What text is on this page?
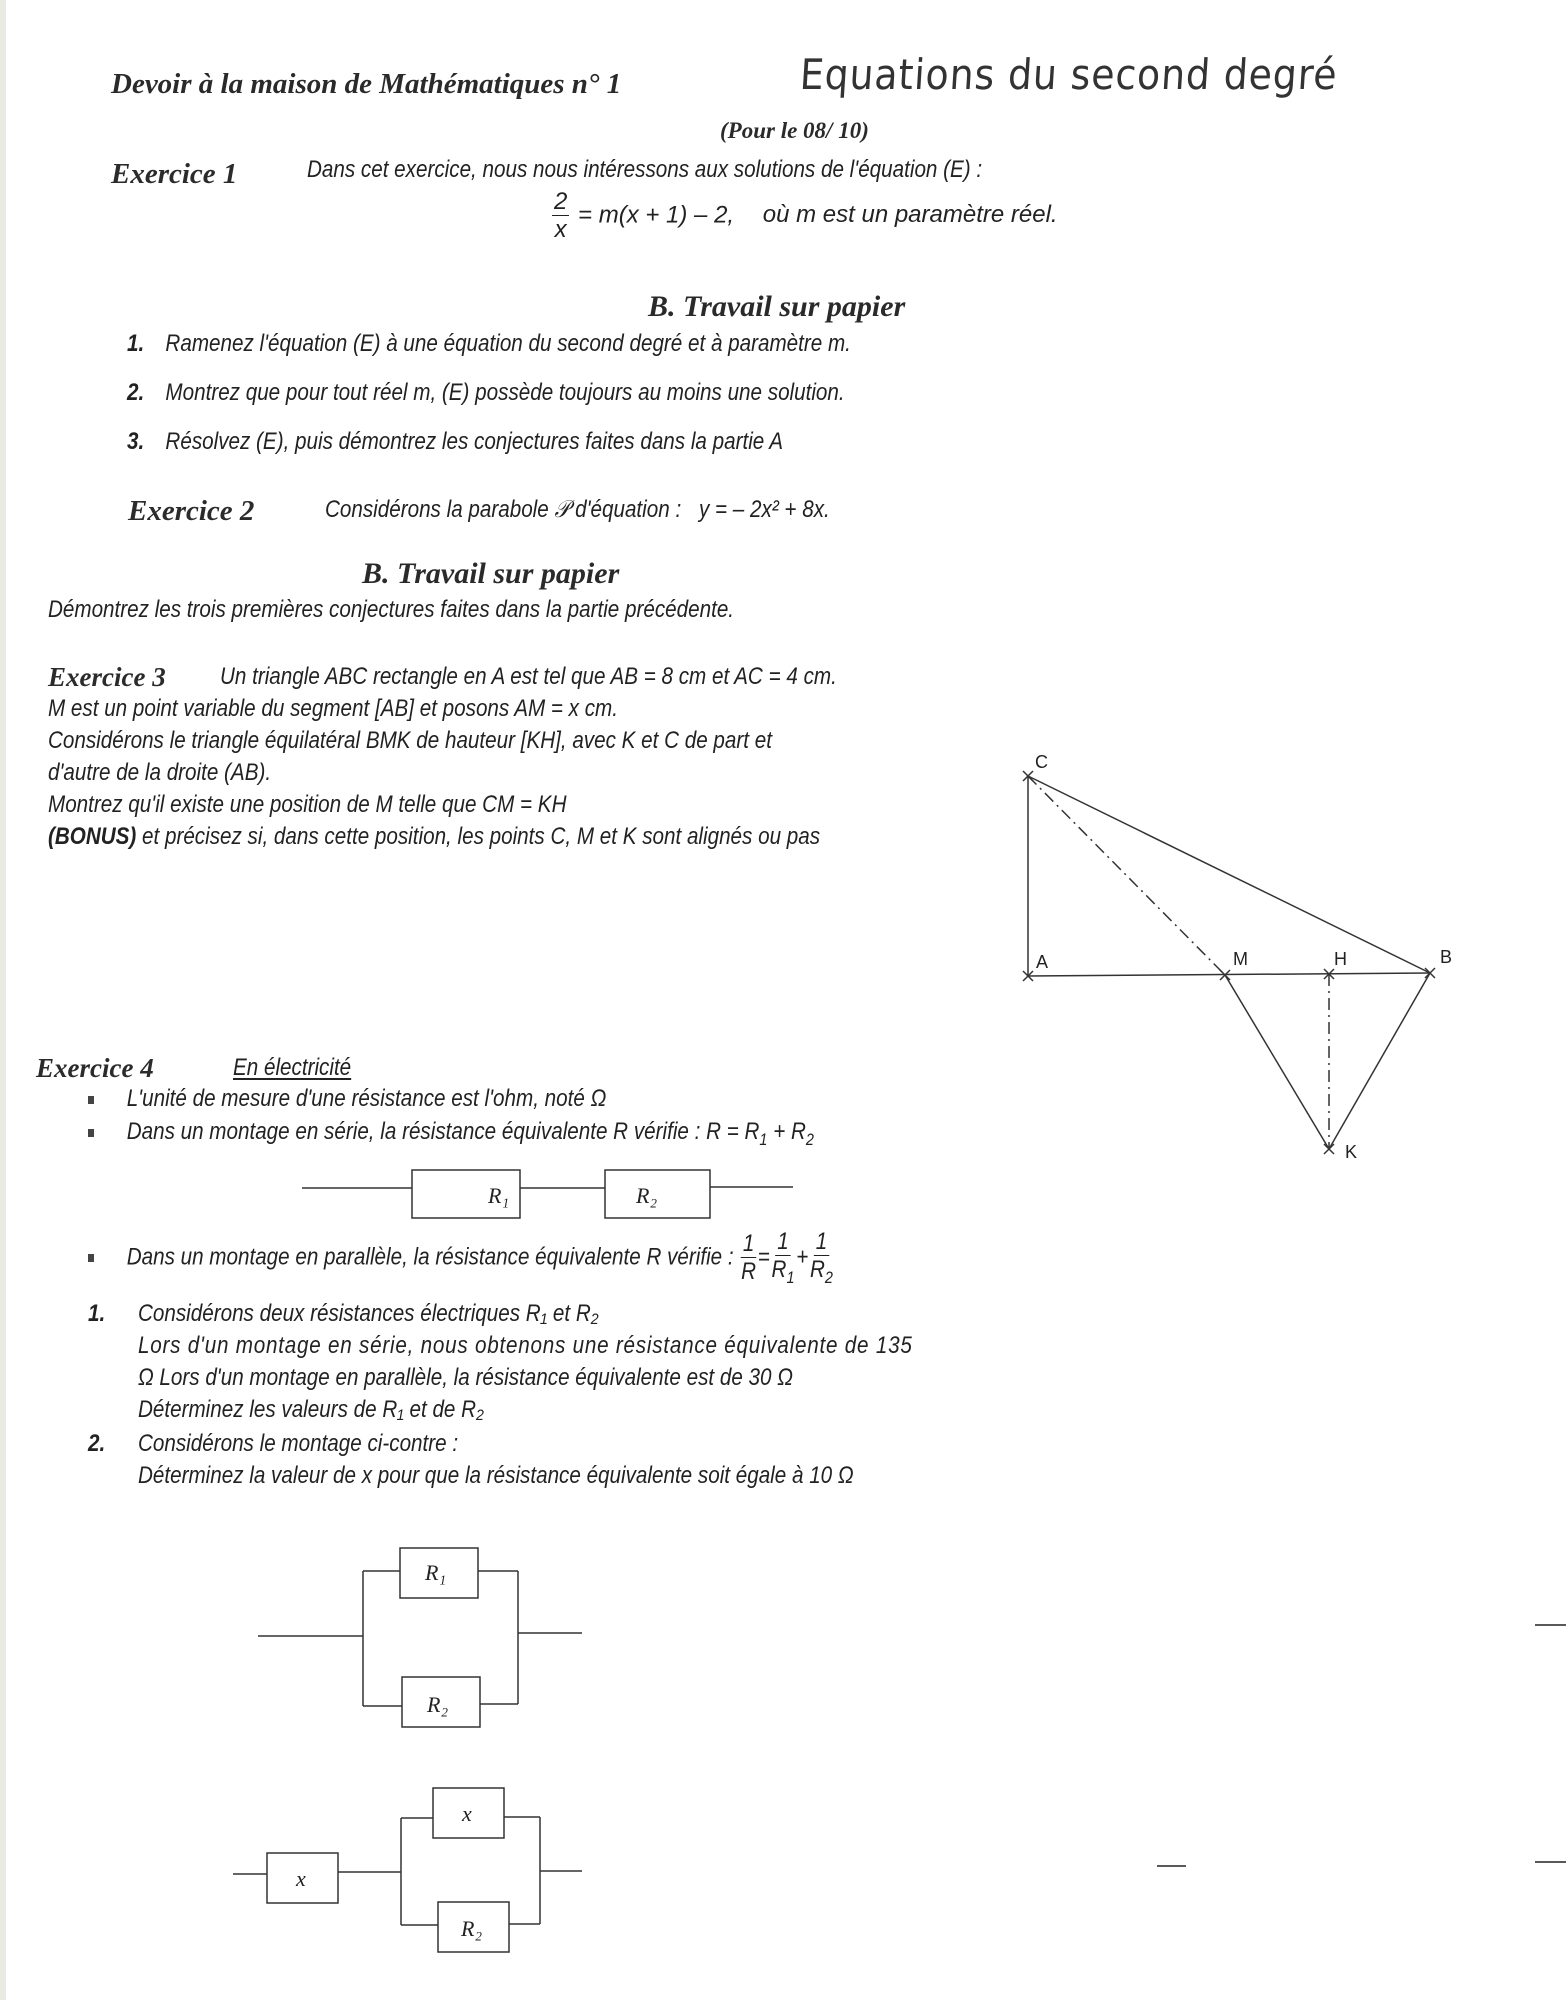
Devoir à la maison de Mathématiques n° 1	Equations du second degré
(Pour le 08/ 10)
Exercice 1	Dans cet exercice, nous nous intéressons aux solutions de l'équation (E) :
$\frac{2}{x} = m(x + 1) - 2$, où m est un paramètre réel.
B. Travail sur papier
1. Ramenez l'équation (E) à une équation du second degré et à paramètre m.
2. Montrez que pour tout réel m, (E) possède toujours au moins une solution.
3. Résolvez (E), puis démontrez les conjectures faites dans la partie A
Exercice 2	Considérons la parabole 𝒫 d'équation : y = – 2x² + 8x.
B. Travail sur papier
Démontrez les trois premières conjectures faites dans la partie précédente.
Exercice 3 Un triangle ABC rectangle en A est tel que AB = 8 cm et AC = 4 cm.
M est un point variable du segment [AB] et posons AM = x cm.
Considérons le triangle équilatéral BMK de hauteur [KH], avec K et C de part et
d'autre de la droite (AB).
Montrez qu'il existe une position de M telle que CM = KH
(BONUS) et précisez si, dans cette position, les points C, M et K sont alignés ou pas
C
A	M	H	B
K
Exercice 4	En électricité
L'unité de mesure d'une résistance est l'ohm, noté Ω
Dans un montage en série, la résistance équivalente R vérifie : $R = R_1 + R_2$
R₁	R₂
Dans un montage en parallèle, la résistance équivalente R vérifie : $\frac{1}{R} = \frac{1}{R_1} + \frac{1}{R_2}$
1. Considérons deux résistances électriques R₁ et R₂
Lors d'un montage en série, nous obtenons une résistance équivalente de 135
Ω Lors d'un montage en parallèle, la résistance équivalente est de 30 Ω
Déterminez les valeurs de R₁ et de R₂
2. Considérons le montage ci-contre :
Déterminez la valeur de x pour que la résistance équivalente soit égale à 10 Ω
R₁
R₂
x
x
R₂
